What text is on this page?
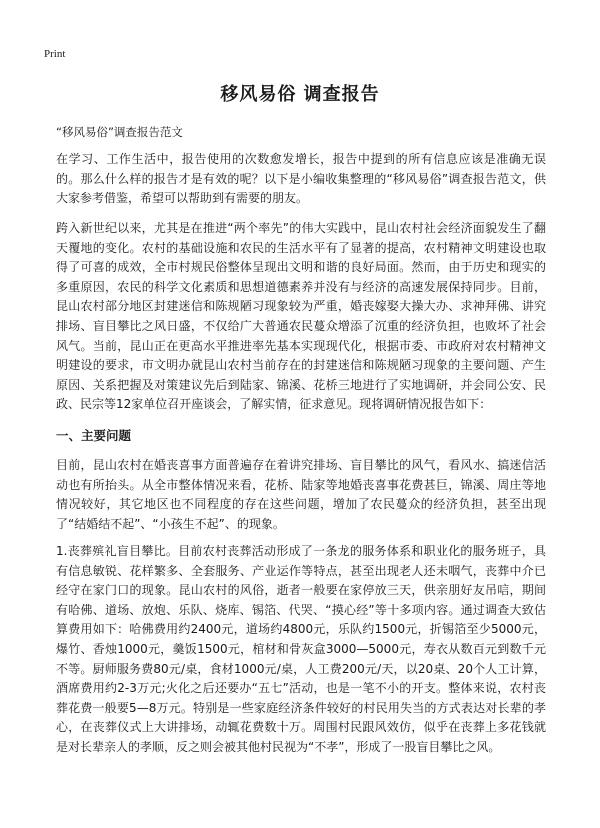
Print
移风易俗 调查报告

“移风易俗”调查报告范文

在学习、工作生活中，报告使用的次数愈发增长，报告中提到的所有信息应该是准确无误的。那么什么样的报告才是有效的呢？以下是小编收集整理的“移风易俗”调查报告范文，供大家参考借鉴，希望可以帮助到有需要的朋友。

跨入新世纪以来，尤其是在推进“两个率先”的伟大实践中，昆山农村社会经济面貌发生了翻天覆地的变化。农村的基础设施和农民的生活水平有了显著的提高，农村精神文明建设也取得了可喜的成效，全市村规民俗整体呈现出文明和谐的良好局面。然而，由于历史和现实的多重原因，农民的科学文化素质和思想道德素养并没有与经济的高速发展保持同步。目前，昆山农村部分地区封建迷信和陈规陋习现象较为严重，婚丧嫁娶大操大办、求神拜佛、讲究排场、盲目攀比之风日盛，不仅给广大普通农民蔓众增添了沉重的经济负担，也败坏了社会风气。当前，昆山正在更高水平推进率先基本实现现代化，根据市委、市政府对农村精神文明建设的要求，市文明办就昆山农村当前存在的封建迷信和陈规陋习现象的主要问题、产生原因、关系把握及对策建议先后到陆家、锦溪、花桥三地进行了实地调研，并会同公安、民政、民宗等12家单位召开座谈会，了解实情，征求意见。现将调研情况报告如下：

一、主要问题

目前，昆山农村在婚丧喜事方面普遍存在着讲究排场、盲目攀比的风气，看风水、搞迷信活动也有所抬头。从全市整体情况来看，花桥、陆家等地婚丧喜事花费甚巨，锦溪、周庄等地情况较好，其它地区也不同程度的存在这些问题，增加了农民蔓众的经济负担，甚至出现了“结婚结不起”、“小孩生不起”、的现象。

1.丧葬殡礼盲目攀比。目前农村丧葬活动形成了一条龙的服务体系和职业化的服务班子，具有信息敏锐、花样繁多、全套服务、产业运作等特点，甚至出现老人还未咽气，丧葬中介已经守在家门口的现象。昆山农村的风俗，逝者一般要在家停放三天，供亲朋好友吊唁，期间有哈佛、道场、放炮、乐队、烧库、锡箔、代哭、“摸心经”等十多项内容。通过调查大致估算费用如下：哈佛费用约2400元，道场约4800元，乐队约1500元，折锡箔至少5000元，爆竹、香烛1000元，羹饭1500元，棺材和骨灰盒3000—5000元，寿衣从数百元到数千元不等。厨师服务费80元/桌，食材1000元/桌，人工费200元/天，以20桌、20个人工计算，酒席费用约2-3万元;火化之后还要办“五七”活动，也是一笔不小的开支。整体来说，农村丧葬花费一般要5—8万元。特别是一些家庭经济条件较好的村民用失当的方式表达对长辈的孝心，在丧葬仪式上大讲排场，动辄花费数十万。周围村民跟风效仿，似乎在丧葬上多花钱就是对长辈亲人的孝顺，反之则会被其他村民视为“不孝”，形成了一股盲目攀比之风。
